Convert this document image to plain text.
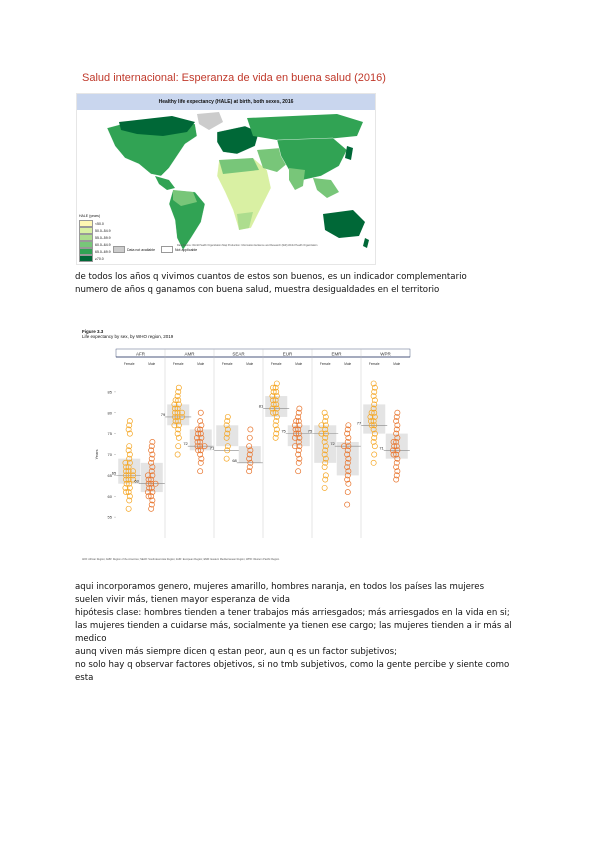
Salud internacional: Esperanza de vida en buena salud (2016)
Healthy life expectancy (HALE) at birth, both sexes, 2016
HALE (years)
<50.0
50.0–54.9
55.0–59.9
60.0–64.9
65.0–69.9
≥70.0
Data not available	Not applicable
Data Source: World Health Organization Map Production: Information Evidence and Research (IER) World Health Organization
de todos los años q vivimos cuantos de estos son buenos, es un indicador complementario
numero de años q ganamos con buena salud, muestra desigualdades en el territorio
Figure 3.3
Life expectancy by sex, by WHO region, 2019
AFR
Female	Male
AMR
Female	Male
SEAR
Female	Male
EUR
Female	Male
EMR
Female	Male
WPR
Female	Male
55
60
65
70
75
80
85
Years
65
63
79
72
71
68
81
75	75
72
77
71
AFR: African Region; AMR: Region of the Americas; SEAR: South-East Asia Region; EUR: European Region; EMR: Eastern Mediterranean Region; WPR: Western Pacific Region.
aqui incorporamos genero, mujeres amarillo, hombres naranja, en todos los países las mujeres
suelen vivir más, tienen mayor esperanza de vida
hipótesis clase: hombres tienden a tener trabajos más arriesgados; más arriesgados en la vida en si;
las mujeres tienden a cuidarse más, socialmente ya tienen ese cargo; las mujeres tienden a ir más al
medico
aunq viven más siempre dicen q estan peor, aun q es un factor subjetivos;
no solo hay q observar factores objetivos, si no tmb subjetivos, como la gente percibe y siente como
esta
